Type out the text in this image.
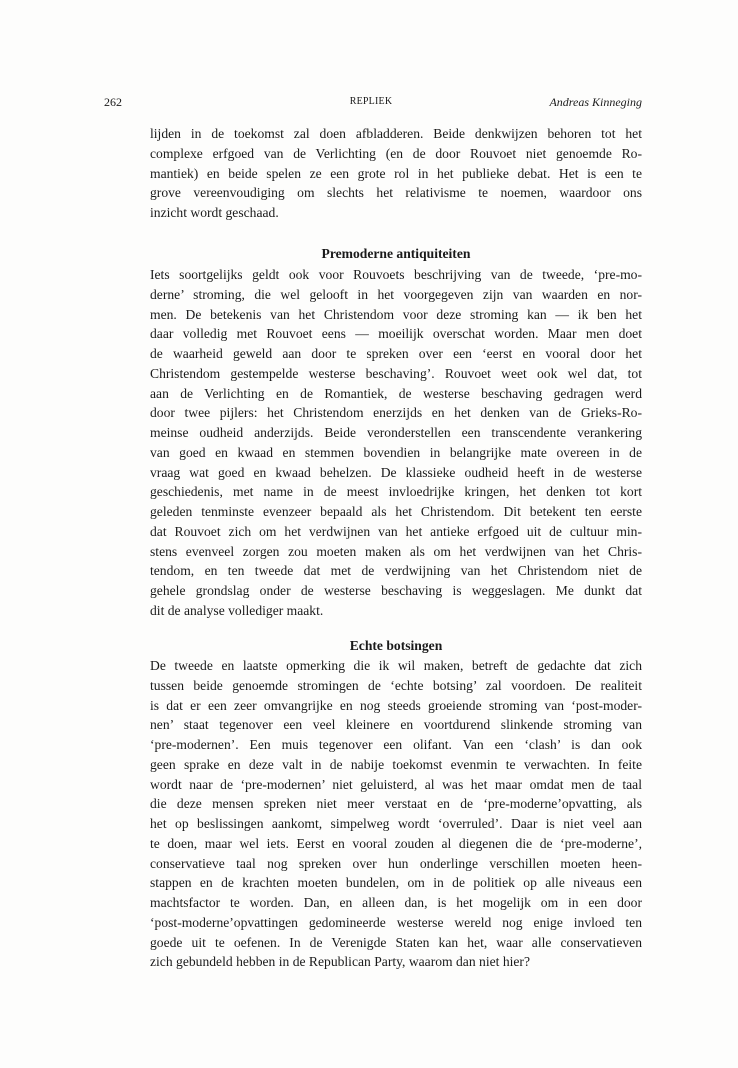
262	REPLIEK	Andreas Kinneging
lijden in de toekomst zal doen afbladderen. Beide denkwijzen behoren tot het
complexe erfgoed van de Verlichting (en de door Rouvoet niet genoemde Ro-
mantiek) en beide spelen ze een grote rol in het publieke debat. Het is een te
grove vereenvoudiging om slechts het relativisme te noemen, waardoor ons
inzicht wordt geschaad.
Premoderne antiquiteiten
Iets soortgelijks geldt ook voor Rouvoets beschrijving van de tweede, ‘pre-mo-
derne’ stroming, die wel gelooft in het voorgegeven zijn van waarden en nor-
men. De betekenis van het Christendom voor deze stroming kan — ik ben het
daar volledig met Rouvoet eens — moeilijk overschat worden. Maar men doet
de waarheid geweld aan door te spreken over een ‘eerst en vooral door het
Christendom gestempelde westerse beschaving’. Rouvoet weet ook wel dat, tot
aan de Verlichting en de Romantiek, de westerse beschaving gedragen werd
door twee pijlers: het Christendom enerzijds en het denken van de Grieks-Ro-
meinse oudheid anderzijds. Beide veronderstellen een transcendente verankering
van goed en kwaad en stemmen bovendien in belangrijke mate overeen in de
vraag wat goed en kwaad behelzen. De klassieke oudheid heeft in de westerse
geschiedenis, met name in de meest invloedrijke kringen, het denken tot kort
geleden tenminste evenzeer bepaald als het Christendom. Dit betekent ten eerste
dat Rouvoet zich om het verdwijnen van het antieke erfgoed uit de cultuur min-
stens evenveel zorgen zou moeten maken als om het verdwijnen van het Chris-
tendom, en ten tweede dat met de verdwijning van het Christendom niet de
gehele grondslag onder de westerse beschaving is weggeslagen. Me dunkt dat
dit de analyse vollediger maakt.
Echte botsingen
De tweede en laatste opmerking die ik wil maken, betreft de gedachte dat zich
tussen beide genoemde stromingen de ‘echte botsing’ zal voordoen. De realiteit
is dat er een zeer omvangrijke en nog steeds groeiende stroming van ‘post-moder-
nen’ staat tegenover een veel kleinere en voortdurend slinkende stroming van
‘pre-modernen’. Een muis tegenover een olifant. Van een ‘clash’ is dan ook
geen sprake en deze valt in de nabije toekomst evenmin te verwachten. In feite
wordt naar de ‘pre-modernen’ niet geluisterd, al was het maar omdat men de taal
die deze mensen spreken niet meer verstaat en de ‘pre-moderne’opvatting, als
het op beslissingen aankomt, simpelweg wordt ‘overruled’. Daar is niet veel aan
te doen, maar wel iets. Eerst en vooral zouden al diegenen die de ‘pre-moderne’,
conservatieve taal nog spreken over hun onderlinge verschillen moeten heen-
stappen en de krachten moeten bundelen, om in de politiek op alle niveaus een
machtsfactor te worden. Dan, en alleen dan, is het mogelijk om in een door
‘post-moderne’opvattingen gedomineerde westerse wereld nog enige invloed ten
goede uit te oefenen. In de Verenigde Staten kan het, waar alle conservatieven
zich gebundeld hebben in de Republican Party, waarom dan niet hier?
